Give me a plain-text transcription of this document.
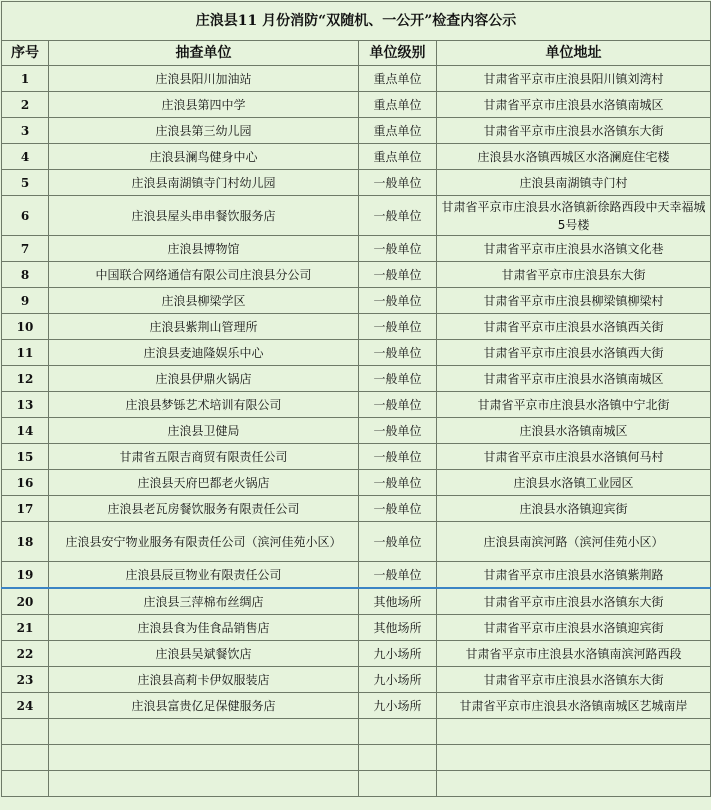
庄浪县11 月份消防“双随机、一公开”检查内容公示			
序号	抽查单位	单位级别	单位地址
1	庄浪县阳川加油站	重点单位	甘肃省平京市庄浪县阳川镇刘湾村
2	庄浪县第四中学	重点单位	甘肃省平京市庄浪县水洛镇南城区
3	庄浪县第三幼儿园	重点单位	甘肃省平京市庄浪县水洛镇东大街
4	庄浪县澜鸟健身中心	重点单位	庄浪县水洛镇西城区水洛澜庭住宅楼
5	庄浪县南湖镇寺门村幼儿园	一般单位	庄浪县南湖镇寺门村
6	庄浪县屋头串串餐饮服务店	一般单位	甘肃省平京市庄浪县水洛镇新徐路西段中天幸福城 5号楼
7	庄浪县博物馆	一般单位	甘肃省平京市庄浪县水洛镇文化巷
8	中国联合网络通信有限公司庄浪县分公司	一般单位	甘肃省平京市庄浪县东大街
9	庄浪县柳梁学区	一般单位	甘肃省平京市庄浪县柳梁镇柳梁村
10	庄浪县紫荆山管理所	一般单位	甘肃省平京市庄浪县水洛镇西关街
11	庄浪县麦迪隆娱乐中心	一般单位	甘肃省平京市庄浪县水洛镇西大街
12	庄浪县伊鼎火锅店	一般单位	甘肃省平京市庄浪县水洛镇南城区
13	庄浪县梦铄艺术培训有限公司	一般单位	甘肃省平京市庄浪县水洛镇中宁北街
14	庄浪县卫健局	一般单位	庄浪县水洛镇南城区
15	甘肃省五限吉商贸有限责任公司	一般单位	甘肃省平京市庄浪县水洛镇何马村
16	庄浪县天府巴都老火锅店	一般单位	庄浪县水洛镇工业园区
17	庄浪县老瓦房餐饮服务有限责任公司	一般单位	庄浪县水洛镇迎宾街
18	庄浪县安宁物业服务有限责任公司（滨河佳苑小区）	一般单位	庄浪县南滨河路（滨河佳苑小区）
19	庄浪县辰亘物业有限责任公司	一般单位	甘肃省平京市庄浪县水洛镇紫荆路
20	庄浪县三萍棉布丝绸店	其他场所	甘肃省平京市庄浪县水洛镇东大街
21	庄浪县食为佳食品销售店	其他场所	甘肃省平京市庄浪县水洛镇迎宾街
22	庄浪县吴斌餐饮店	九小场所	甘肃省平京市庄浪县水洛镇南滨河路西段
23	庄浪县高莉卡伊奴服装店	九小场所	甘肃省平京市庄浪县水洛镇东大街
24	庄浪县富贵亿足保健服务店	九小场所	甘肃省平京市庄浪县水洛镇南城区艺城南岸
